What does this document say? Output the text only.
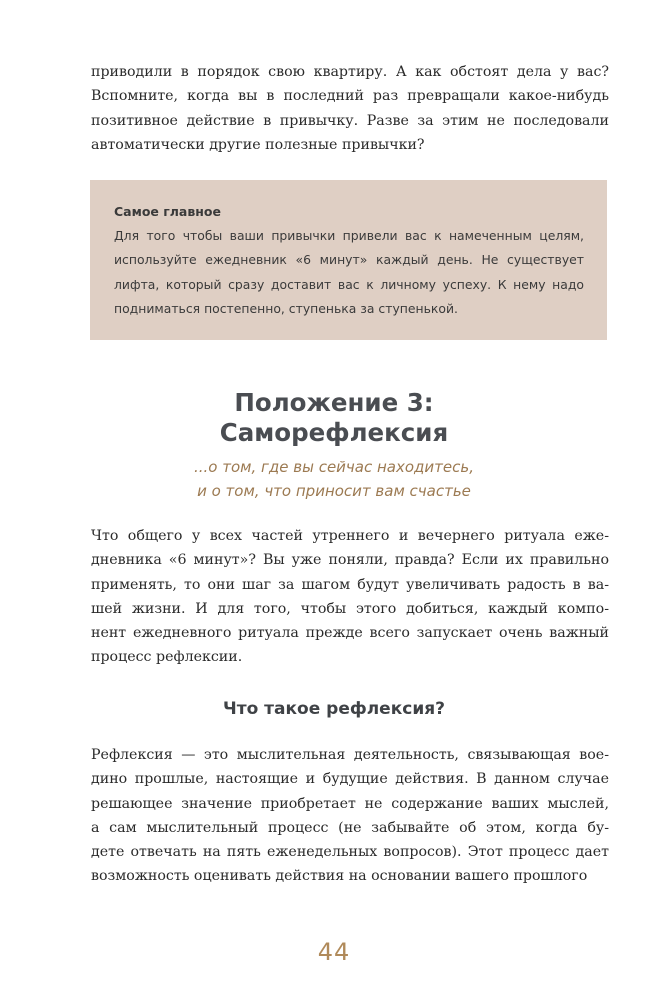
приводили в порядок свою квартиру. А как обстоят дела у вас?
Вспомните, когда вы в последний раз превращали какое-нибудь
позитивное действие в привычку. Разве за этим не последовали
автоматически другие полезные привычки?

Самое главное

Для того чтобы ваши привычки привели вас к намеченным целям,
используйте ежедневник «6 минут» каждый день. Не существует
лифта, который сразу доставит вас к личному успеху. К нему надо
подниматься постепенно, ступенька за ступенькой.
Положение 3:
Саморефлексия
...о том, где вы сейчас находитесь,
и о том, что приносит вам счастье
Что общего у всех частей утреннего и вечернего ритуала еже-
дневника «6 минут»? Вы уже поняли, правда? Если их правильно
применять, то они шаг за шагом будут увеличивать радость в ва-
шей жизни. И для того, чтобы этого добиться, каждый компо-
нент ежедневного ритуала прежде всего запускает очень важный
процесс рефлексии.
Что такое рефлексия?
Рефлексия — это мыслительная деятельность, связывающая вое-
дино прошлые, настоящие и будущие действия. В данном случае
решающее значение приобретает не содержание ваших мыслей,
а сам мыслительный процесс (не забывайте об этом, когда бу-
дете отвечать на пять еженедельных вопросов). Этот процесс дает
возможность оценивать действия на основании вашего прошлого
44
